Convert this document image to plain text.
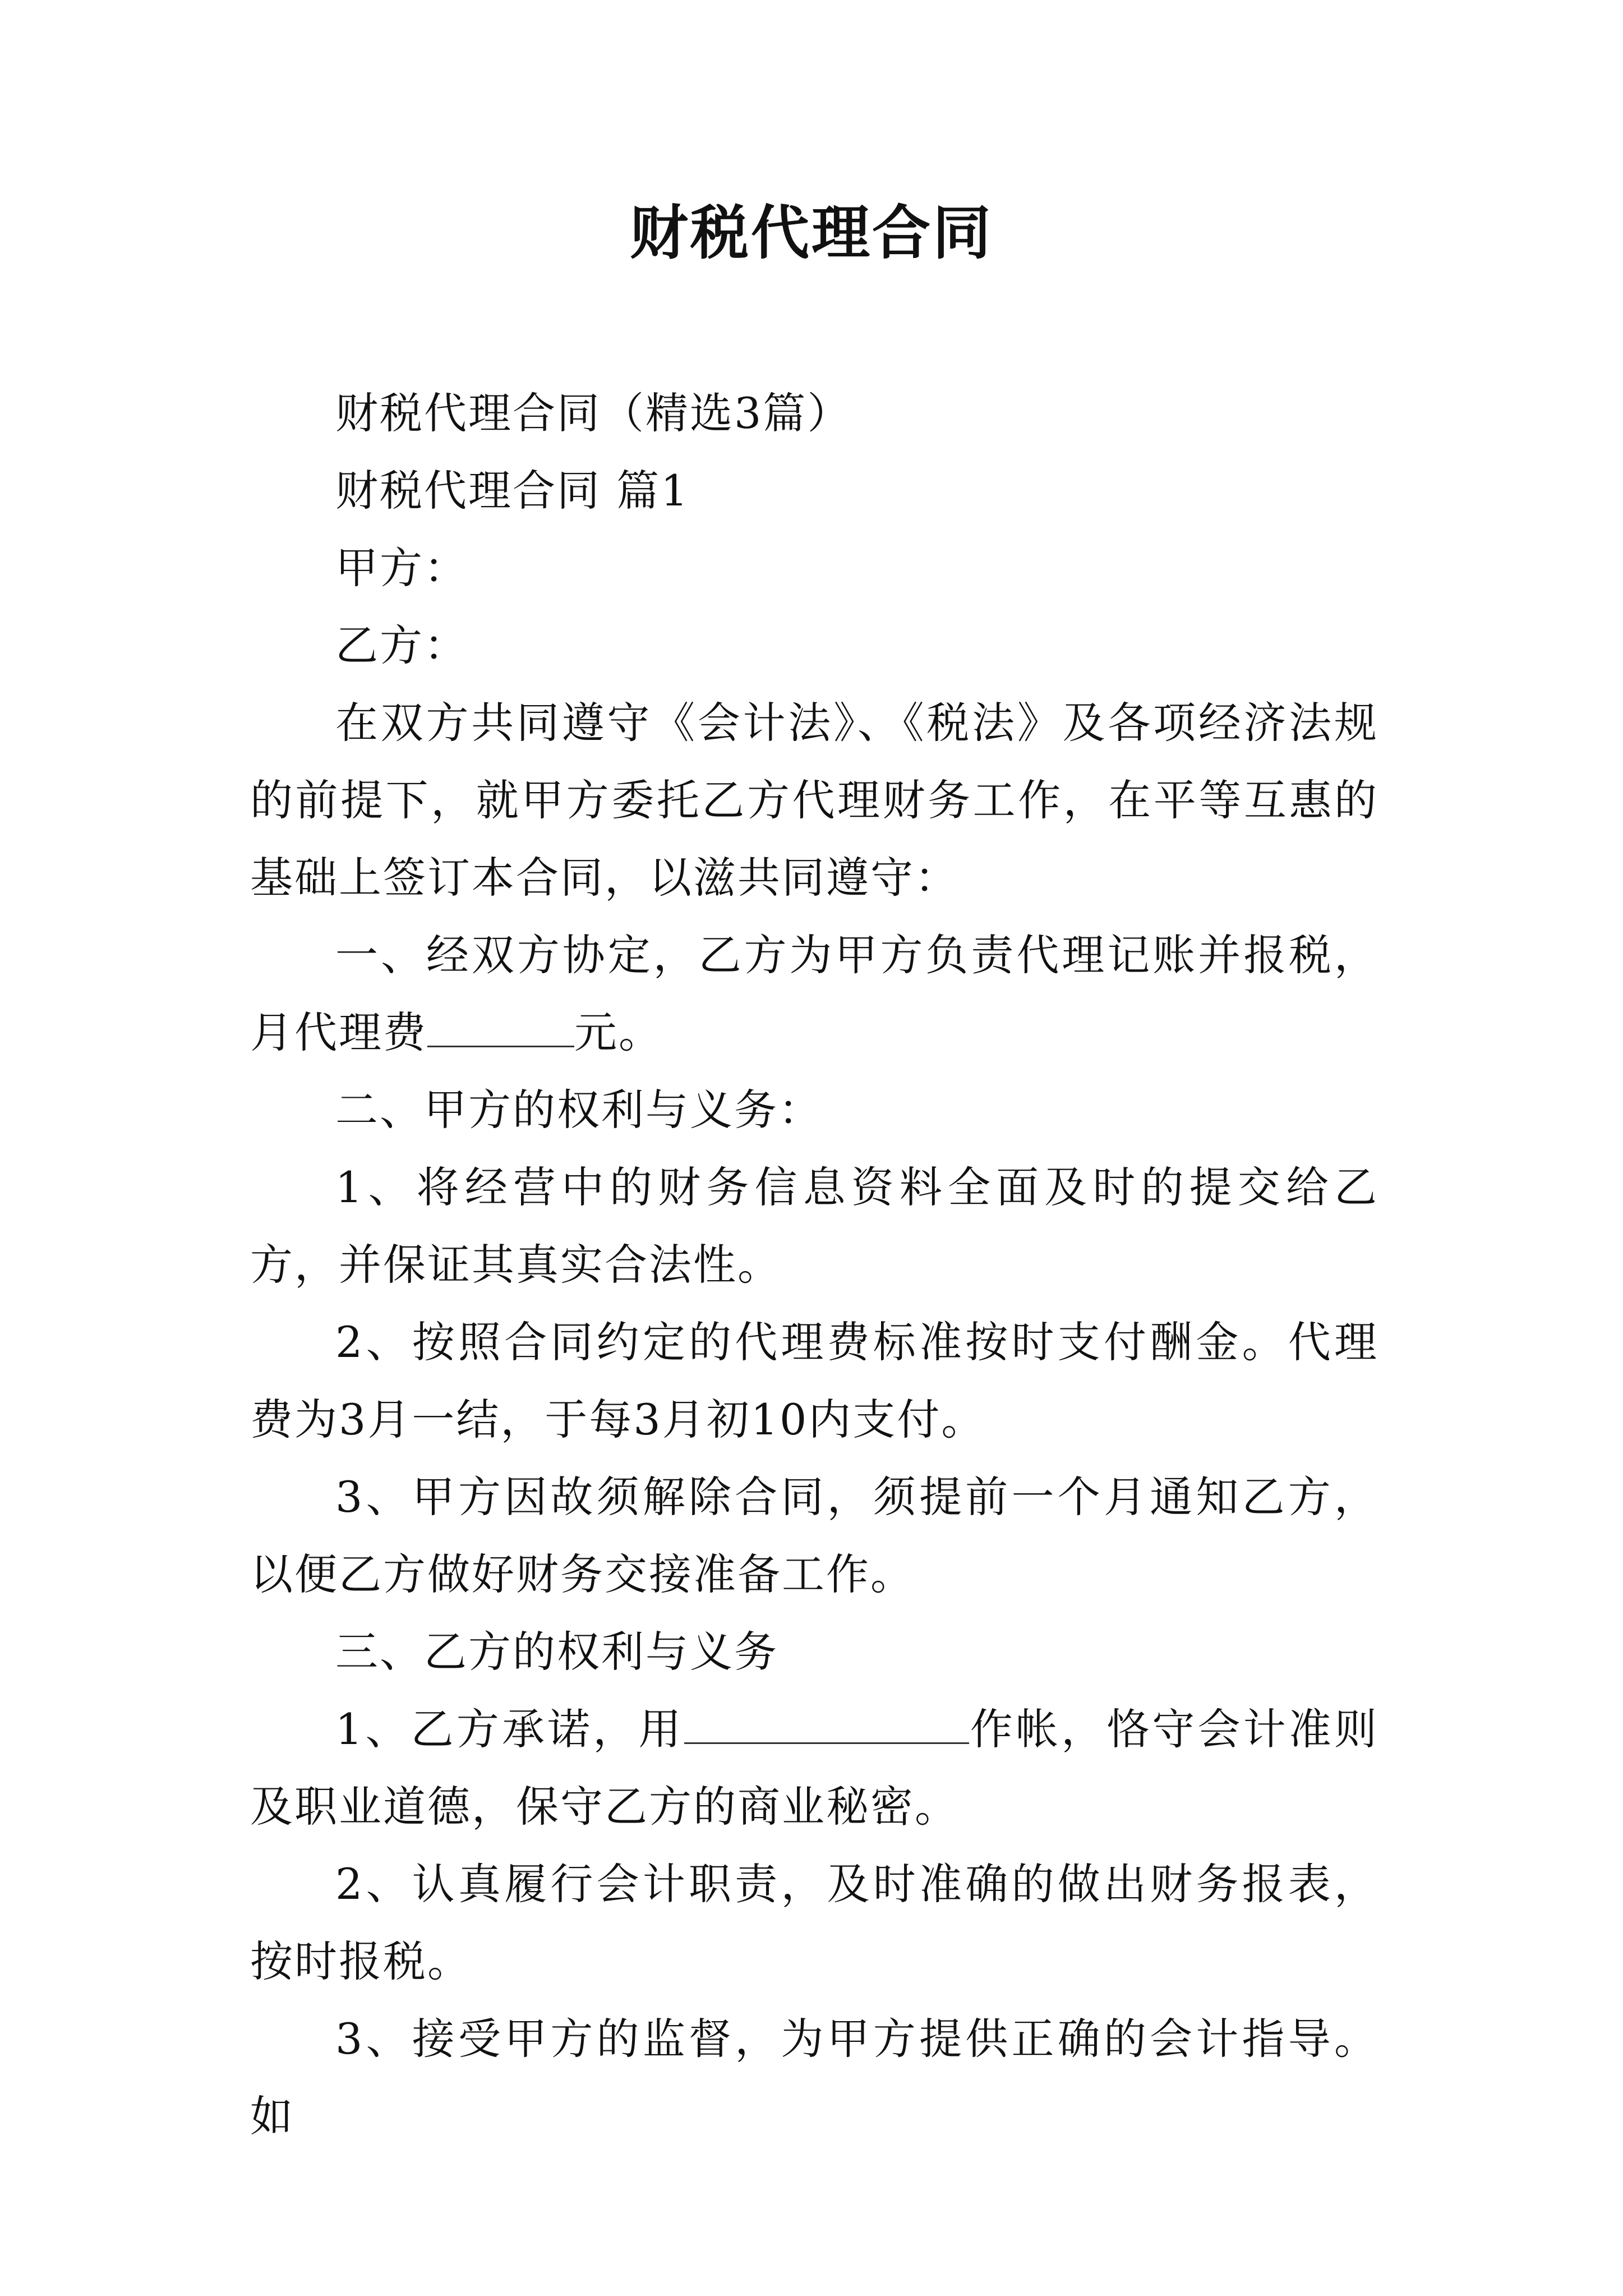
财税代理合同

财税代理合同（精选3篇）

财税代理合同 篇1

甲方：

乙方：

在双方共同遵守《会计法》、《税法》及各项经济法规的前提下，就甲方委托乙方代理财务工作，在平等互惠的基础上签订本合同，以滋共同遵守：

一、经双方协定，乙方为甲方负责代理记账并报税，月代理费	元。

二、甲方的权利与义务：

1、将经营中的财务信息资料全面及时的提交给乙方，并保证其真实合法性。

2、按照合同约定的代理费标准按时支付酬金。代理费为3月一结，于每3月初10内支付。

3、甲方因故须解除合同，须提前一个月通知乙方，以便乙方做好财务交接准备工作。

三、乙方的权利与义务

1、乙方承诺，用	作帐，恪守会计准则及职业道德，保守乙方的商业秘密。

2、认真履行会计职责，及时准确的做出财务报表，按时报税。

3、接受甲方的监督，为甲方提供正确的会计指导。如
